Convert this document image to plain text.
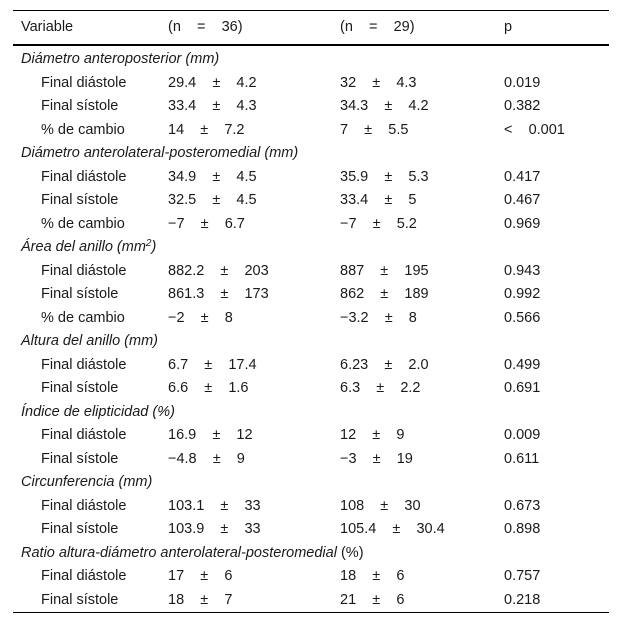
Variable	(n    =    36)	(n    =    29)	p
Diámetro anteroposterior (mm)
Final diástole	29.4    ±    4.2	32    ±    4.3	0.019
Final sístole	33.4    ±    4.3	34.3    ±    4.2	0.382
% de cambio	14    ±    7.2	7    ±    5.5	<    0.001
Diámetro anterolateral-posteromedial (mm)
Final diástole	34.9    ±    4.5	35.9    ±    5.3	0.417
Final sístole	32.5    ±    4.5	33.4    ±    5	0.467
% de cambio	−7    ±    6.7	−7    ±    5.2	0.969
Área del anillo $(mm^2)$
Final diástole	882.2    ±    203	887    ±    195	0.943
Final sístole	861.3    ±    173	862    ±    189	0.992
% de cambio	−2    ±    8	−3.2    ±    8	0.566
Altura del anillo (mm)
Final diástole	6.7    ±    17.4	6.23    ±    2.0	0.499
Final sístole	6.6    ±    1.6	6.3    ±    2.2	0.691
Índice de elipticidad (%)
Final diástole	16.9    ±    12	12    ±    9	0.009
Final sístole	−4.8    ±    9	−3    ±    19	0.611
Circunferencia (mm)
Final diástole	103.1    ±    33	108    ±    30	0.673
Final sístole	103.9    ±    33	105.4    ±    30.4	0.898
Ratio altura-diámetro anterolateral-posteromedial (%)
Final diástole	17    ±    6	18    ±    6	0.757
Final sístole	18    ±    7	21    ±    6	0.218
